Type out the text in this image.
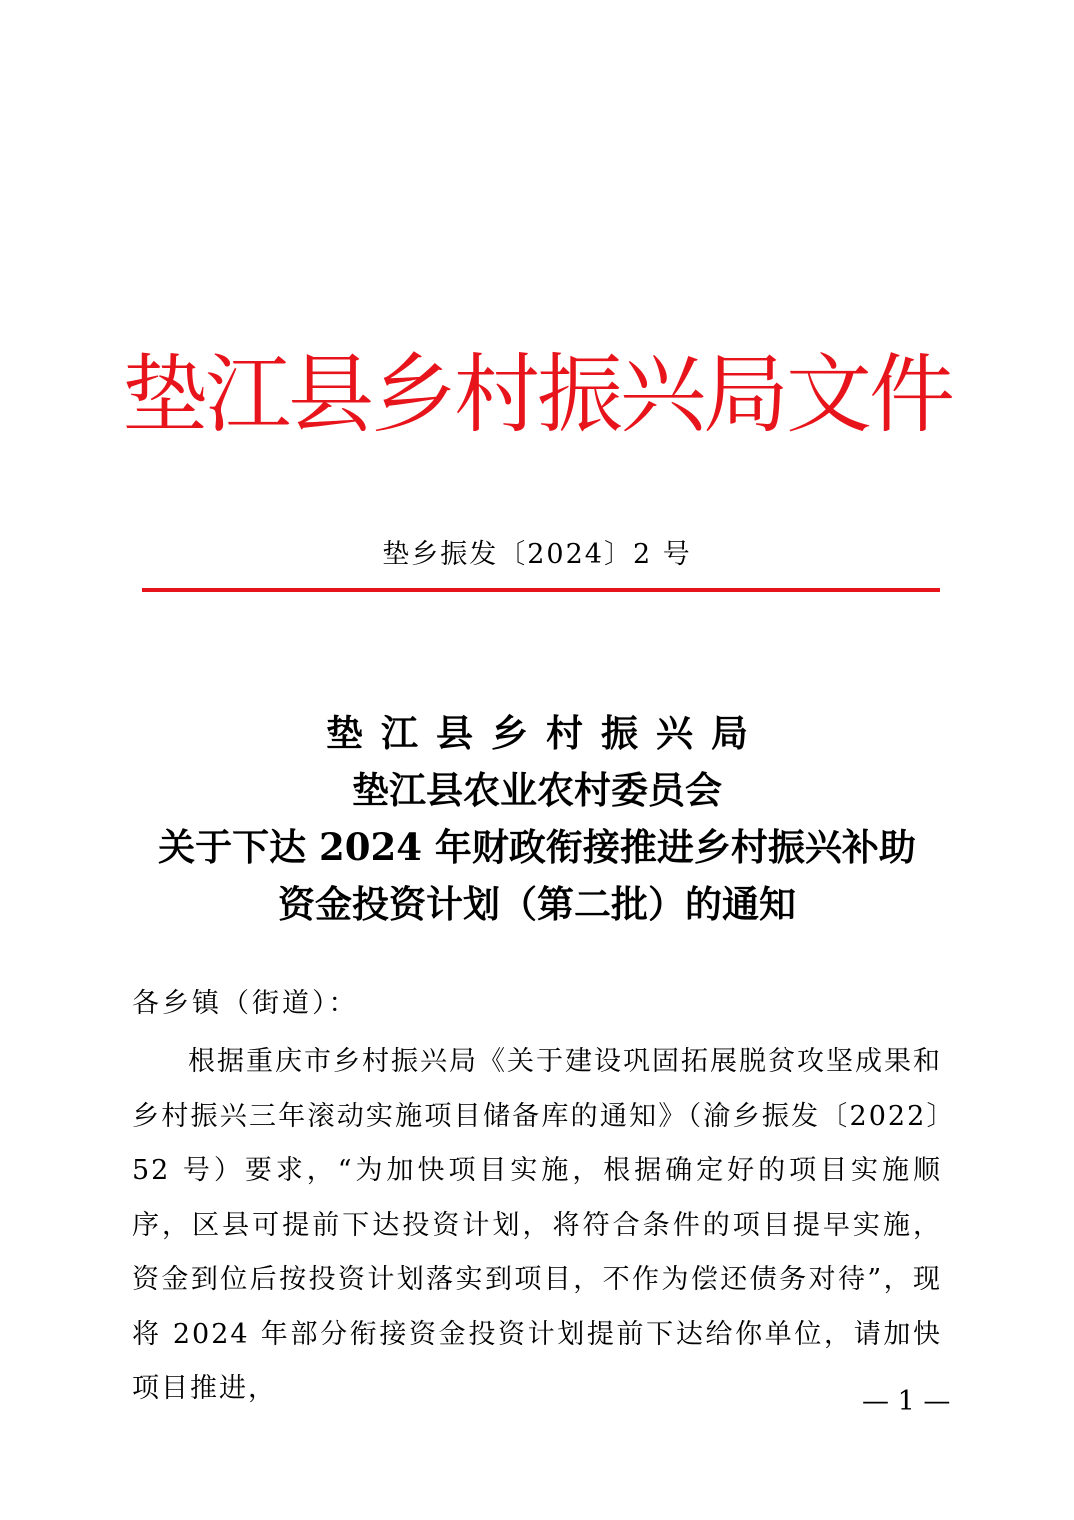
垫江县乡村振兴局文件
垫乡振发〔2024〕2 号
垫江县乡村振兴局
垫江县农业农村委员会
关于下达 2024 年财政衔接推进乡村振兴补助
资金投资计划（第二批）的通知
各乡镇（街道）：

根据重庆市乡村振兴局《关于建设巩固拓展脱贫攻坚成果和乡村振兴三年滚动实施项目储备库的通知》（渝乡振发〔2022〕52 号）要求，“为加快项目实施，根据确定好的项目实施顺序，区县可提前下达投资计划，将符合条件的项目提早实施，资金到位后按投资计划落实到项目，不作为偿还债务对待”，现将 2024 年部分衔接资金投资计划提前下达给你单位，请加快项目推进，	— 1 —
